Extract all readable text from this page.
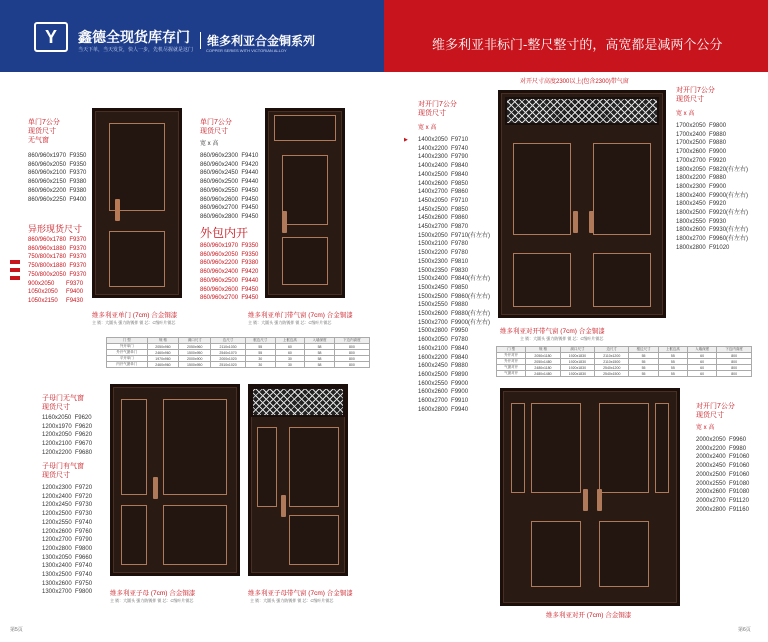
Y	鑫德全现货库存门
当天下单，当天发货，快人一步，先机尽握就是这门
维多利亚合金铜系列
COPPER SERIES WITH VICTORIAN ALLOY	维多利亚非标门-整尺整寸的，高宽都是减两个公分
单门7公分
现货尺寸
无气窗
860/960x1970  F9350
860/960x2050  F9350
860/960x2100  F9370
860/960x2150  F9380
860/960x2200  F9380
860/960x2250  F9400
异形现货尺寸
860/960x1780  F9370
860/960x1880  F9370
750/800x1780  F9370
750/800x1880  F9370
750/800x2050  F9370
900x2050       F9370
1050x2050     F9400
1050x2150     F9430
单门7公分
现货尺寸
宽 x 高
860/960x2300  F9410
860/960x2400  F9420
860/960x2450  F9440
860/960x2500  F9440
860/960x2550  F9450
860/960x2600  F9450
860/960x2700  F9450
860/960x2800  F9450
外包内开
860/960x1970  F9350
860/960x2050  F9350
860/960x2200  F9380
860/960x2400  F9420
860/960x2500  F9440
860/960x2600  F9450
860/960x2700  F9450
维多利亚单门 (7cm) 合金铜漆
主 锁：大圆头 强力防锈拌 锁 芯：C级叶片锁芯
维多利亚单门带气窗 (7cm) 合金铜漆
主 锁：大圆头 强力防锈拌 锁 芯：C级叶片锁芯
门 型	规 格	洞口尺寸	边尺寸	框边尺寸	上框边高	入墙深度	下边内高度
外开单门	2050x960	2050x960	2110x1030	55	60	58	800
外开气窗单门	2460x960	1500x950	2540x1070	55	60	58	800
平开单门	1970x960	2000x900	2000x1020	30	30	58	800
内开气窗单门	2460x960	1500x950	2510x1020	30	30	58	800
子母门无气窗
现货尺寸
1160x2050  F9620
1200x1970  F9620
1200x2050  F9620
1200x2100  F9670
1200x2200  F9680
子母门有气窗
现货尺寸
1200x2300  F9720
1200x2400  F9720
1200x2450  F9730
1200x2500  F9730
1200x2550  F9740
1200x2600  F9760
1200x2700  F9790
1200x2800  F9800
1300x2050  F9660
1300x2400  F9740
1300x2500  F9740
1300x2600  F9750
1300x2700  F9800	维多利亚子母 (7cm) 合金铜漆
主 锁：大圆头 强力防锈拌 锁 芯：C级叶片锁芯
维多利亚子母带气窗 (7cm) 合金铜漆
主 锁：大圆头 强力防锈拌 锁 芯：C级叶片锁芯
对开尺寸高度2300以上(包含2300)带气窗
对开门7公分
现货尺寸
宽 x 高
▶ 1400x2050  F9710
1400x2200  F9740
1400x2300  F9790
1400x2400  F9840
1400x2500  F9840
1400x2600  F9850
1400x2700  F9860
1450x2050  F9710
1450x2500  F9850
1450x2600  F9860
1450x2700  F9870
1500x2050  F9710(有左右)
1500x2100  F9780
1500x2200  F9780
1500x2300  F9810
1500x2350  F9830
1500x2400  F9840(有左右)
1500x2450  F9850
1500x2500  F9860(有左右)
1500x2550  F9880
1500x2600  F9880(有左右)
1500x2700  F9900(有左右)
1500x2800  F9950
1600x2050  F9780
1600x2100  F9840
1600x2200  F9840
1600x2450  F9880
1600x2500  F9890
1600x2550  F9900
1600x2600  F9900
1600x2700  F9910
1600x2800  F9940
对开门7公分
现货尺寸
宽 x 高
1700x2050  F9800
1700x2400  F9880
1700x2500  F9880
1700x2600  F9900
1700x2700  F9920
1800x2050  F9820(有左右)
1800x2200  F9880
1800x2300  F9900
1800x2400  F9900(有左右)
1800x2450  F9920
1800x2500  F9920(有左右)
1800x2550  F9930
1800x2600  F9930(有左右)
1800x2700  F9960(有左右)
1800x2800  F91020
维多利亚对开带气窗 (7cm) 合金铜漆
主 锁：大圆头 强力防锈拌 锁 芯：C级叶片锁芯
门 型	规 格	洞口尺寸	边尺寸	框边尺寸	上框边高	入墙深度	下边内高度
外开对开	2050x1180	1920x1830	2110x1200	55	55	60	800
外开对开	2050x1480	1920x1830	2110x1500	55	55	60	800
气窗对开	2480x1180	1920x1830	2540x1200	55	55	60	800
气窗对开	2480x1480	1920x1830	2540x1500	55	55	60	800
对开门7公分
现货尺寸
宽 x 高
2000x2050  F9960
2000x2200  F9980
2000x2400  F91060
2000x2450  F91060
2000x2500  F91060
2000x2550  F91080
2000x2600  F91080
2000x2700  F91120
2000x2800  F91160
维多利亚对开 (7cm) 合金铜漆
第5页	第6页
